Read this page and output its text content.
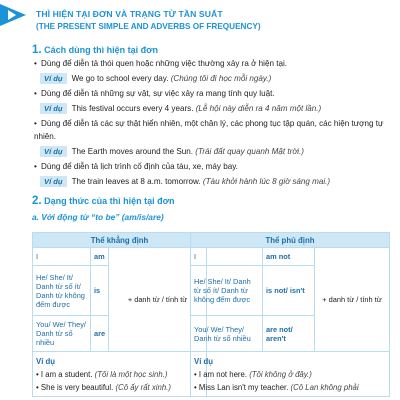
THÌ HIỆN TẠI ĐƠN VÀ TRẠNG TỪ TẦN SUẤT
(THE PRESENT SIMPLE AND ADVERBS OF FREQUENCY)
1. Cách dùng thì hiện tại đơn
• Dùng để diễn tả thói quen hoặc những việc thường xảy ra ở hiện tại.
Ví dụ We go to school every day. (Chúng tôi đi học mỗi ngày.)
• Dùng để diễn tả những sự vật, sự việc xảy ra mang tính quy luật.
Ví dụ This festival occurs every 4 years. (Lễ hội này diễn ra 4 năm một lần.)
• Dùng để diễn tả các sự thật hiển nhiên, một chân lý, các phong tục tập quán, các hiện tượng tự nhiên.
Ví dụ The Earth moves around the Sun. (Trái đất quay quanh Mặt trời.)
• Dùng để diễn tả lịch trình cố định của tàu, xe, máy bay.
Ví dụ The train leaves at 8 a.m. tomorrow. (Tàu khởi hành lúc 8 giờ sáng mai.)
2. Dạng thức của thì hiện tại đơn
a. Với động từ “to be” (am/is/are)
Thể khẳng định		
I	am	+ danh từ / tính từ
He/ She/ It/ Danh từ số ít/ Danh từ không đếm được	is	
You/ We/ They/ Danh từ số nhiều	are	

Ví dụ
• I am a student. (Tôi là một học sinh.)
• She is very beautiful. (Cô ấy rất xinh.)		
Thể phủ định		
I	am not	+ danh từ / tính từ
He/ She/ It/ Danh từ số ít/ Danh từ không đếm được	is not/ isn't	
You/ We/ They/ Danh từ số nhiều	are not/ aren't	

Ví dụ
• I am not here. (Tôi không ở đây.)
• Miss Lan isn't my teacher. (Cô Lan không phải		
